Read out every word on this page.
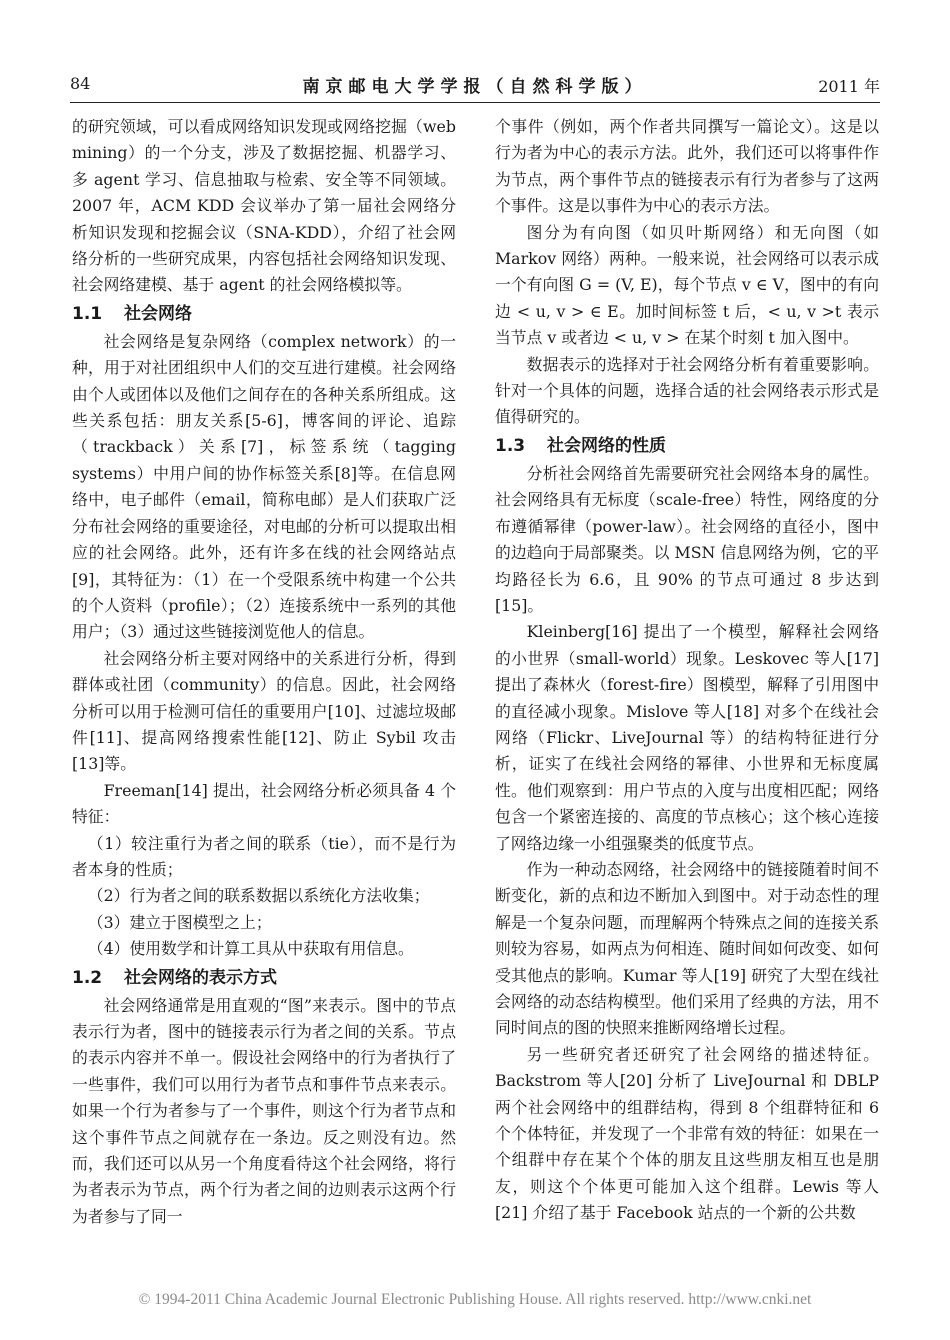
84	南京邮电大学学报（自然科学版）	2011 年

的研究领域，可以看成网络知识发现或网络挖掘（web mining）的一个分支，涉及了数据挖掘、机器学习、多 agent 学习、信息抽取与检索、安全等不同领域。2007 年，ACM KDD 会议举办了第一届社会网络分析知识发现和挖掘会议（SNA-KDD），介绍了社会网络分析的一些研究成果，内容包括社会网络知识发现、社会网络建模、基于 agent 的社会网络模拟等。

1.1 社会网络

社会网络是复杂网络（complex network）的一种，用于对社团组织中人们的交互进行建模。社会网络由个人或团体以及他们之间存在的各种关系所组成。这些关系包括：朋友关系[5-6]，博客间的评论、追踪（trackback）关系[7]，标签系统（tagging systems）中用户间的协作标签关系[8]等。在信息网络中，电子邮件（email，简称电邮）是人们获取广泛分布社会网络的重要途径，对电邮的分析可以提取出相应的社会网络。此外，还有许多在线的社会网络站点[9]，其特征为：（1）在一个受限系统中构建一个公共的个人资料（profile）；（2）连接系统中一系列的其他用户；（3）通过这些链接浏览他人的信息。

社会网络分析主要对网络中的关系进行分析，得到群体或社团（community）的信息。因此，社会网络分析可以用于检测可信任的重要用户[10]、过滤垃圾邮件[11]、提高网络搜索性能[12]、防止 Sybil 攻击[13]等。

Freeman[14] 提出，社会网络分析必须具备 4 个特征：

（1）较注重行为者之间的联系（tie），而不是行为者本身的性质；

（2）行为者之间的联系数据以系统化方法收集；

（3）建立于图模型之上；

（4）使用数学和计算工具从中获取有用信息。

1.2 社会网络的表示方式

社会网络通常是用直观的“图”来表示。图中的节点表示行为者，图中的链接表示行为者之间的关系。节点的表示内容并不单一。假设社会网络中的行为者执行了一些事件，我们可以用行为者节点和事件节点来表示。如果一个行为者参与了一个事件，则这个行为者节点和这个事件节点之间就存在一条边。反之则没有边。然而，我们还可以从另一个角度看待这个社会网络，将行为者表示为节点，两个行为者之间的边则表示这两个行为者参与了同一

个事件（例如，两个作者共同撰写一篇论文）。这是以行为者为中心的表示方法。此外，我们还可以将事件作为节点，两个事件节点的链接表示有行为者参与了这两个事件。这是以事件为中心的表示方法。

图分为有向图（如贝叶斯网络）和无向图（如 Markov 网络）两种。一般来说，社会网络可以表示成一个有向图 G = (V, E)，每个节点 v ∈ V，图中的有向边 < u, v > ∈ E。加时间标签 t 后，< u, v >t 表示当节点 v 或者边 < u, v > 在某个时刻 t 加入图中。

数据表示的选择对于社会网络分析有着重要影响。针对一个具体的问题，选择合适的社会网络表示形式是值得研究的。

1.3 社会网络的性质

分析社会网络首先需要研究社会网络本身的属性。社会网络具有无标度（scale-free）特性，网络度的分布遵循幂律（power-law）。社会网络的直径小，图中的边趋向于局部聚类。以 MSN 信息网络为例，它的平均路径长为 6.6，且 90% 的节点可通过 8 步达到[15]。

Kleinberg[16] 提出了一个模型，解释社会网络的小世界（small-world）现象。Leskovec 等人[17] 提出了森林火（forest-fire）图模型，解释了引用图中的直径减小现象。Mislove 等人[18] 对多个在线社会网络（Flickr、LiveJournal 等）的结构特征进行分析，证实了在线社会网络的幂律、小世界和无标度属性。他们观察到：用户节点的入度与出度相匹配；网络包含一个紧密连接的、高度的节点核心；这个核心连接了网络边缘一小组强聚类的低度节点。

作为一种动态网络，社会网络中的链接随着时间不断变化，新的点和边不断加入到图中。对于动态性的理解是一个复杂问题，而理解两个特殊点之间的连接关系则较为容易，如两点为何相连、随时间如何改变、如何受其他点的影响。Kumar 等人[19] 研究了大型在线社会网络的动态结构模型。他们采用了经典的方法，用不同时间点的图的快照来推断网络增长过程。

另一些研究者还研究了社会网络的描述特征。Backstrom 等人[20] 分析了 LiveJournal 和 DBLP 两个社会网络中的组群结构，得到 8 个组群特征和 6 个个体特征，并发现了一个非常有效的特征：如果在一个组群中存在某个个体的朋友且这些朋友相互也是朋友，则这个个体更可能加入这个组群。Lewis 等人[21] 介绍了基于 Facebook 站点的一个新的公共数

© 1994-2011 China Academic Journal Electronic Publishing House. All rights reserved. http://www.cnki.net
